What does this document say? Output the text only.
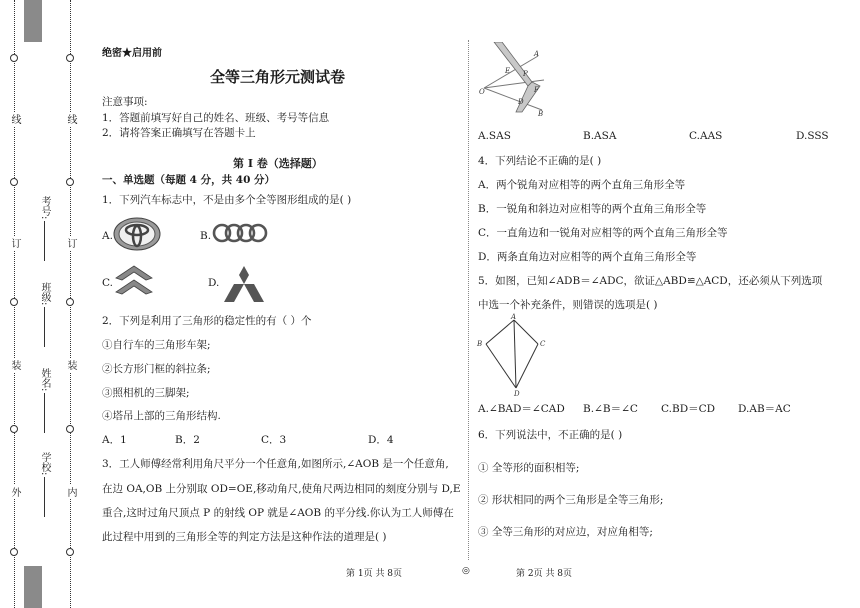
外
装
订
线
内
装
订
线
学校:
姓名:
班级:
考号:
绝密★启用前
全等三角形元测试卷
注意事项:
1．答题前填写好自己的姓名、班级、考号等信息
2．请将答案正确填写在答题卡上
第 I 卷（选择题）
一、单选题（每题 4 分，共 40 分）
1．下列汽车标志中，不是由多个全等图形组成的是( )
A.	B.
C.	D.
2．下列是利用了三角形的稳定性的有（ ）个
①自行车的三角形车架;
②长方形门框的斜拉条;
③照相机的三脚架;
④塔吊上部的三角形结构.
A．1	B．2	C．3	D．4
3．工人师傅经常利用角尺平分一个任意角,如图所示,∠AOB 是一个任意角,
在边 OA,OB 上分别取 OD=OE,移动角尺,使角尺两边相同的刻度分别与 D,E
重合,这时过角尺顶点 P 的射线 OP 就是∠AOB 的平分线.你认为工人师傅在
此过程中用到的三角形全等的判定方法是这种作法的道理是( )
A
E P
O
D
B
F
A.SAS	B.ASA	C.AAS	D.SSS
4．下列结论不正确的是( )
A．两个锐角对应相等的两个直角三角形全等
B．一锐角和斜边对应相等的两个直角三角形全等
C．一直角边和一锐角对应相等的两个直角三角形全等
D．两条直角边对应相等的两个直角三角形全等
5．如图，已知∠ADB＝∠ADC，欲证△ABD≌△ACD，还必须从下列选项
中选一个补充条件，则错误的选项是( )
A
B	C
D
A.∠BAD＝∠CAD B.∠B＝∠C C.BD＝CD D.AB＝AC
6．下列说法中，不正确的是( )
① 全等形的面积相等;
② 形状相同的两个三角形是全等三角形;
③ 全等三角形的对应边，对应角相等;
第 1页 共 8页	◎	第 2页 共 8页
